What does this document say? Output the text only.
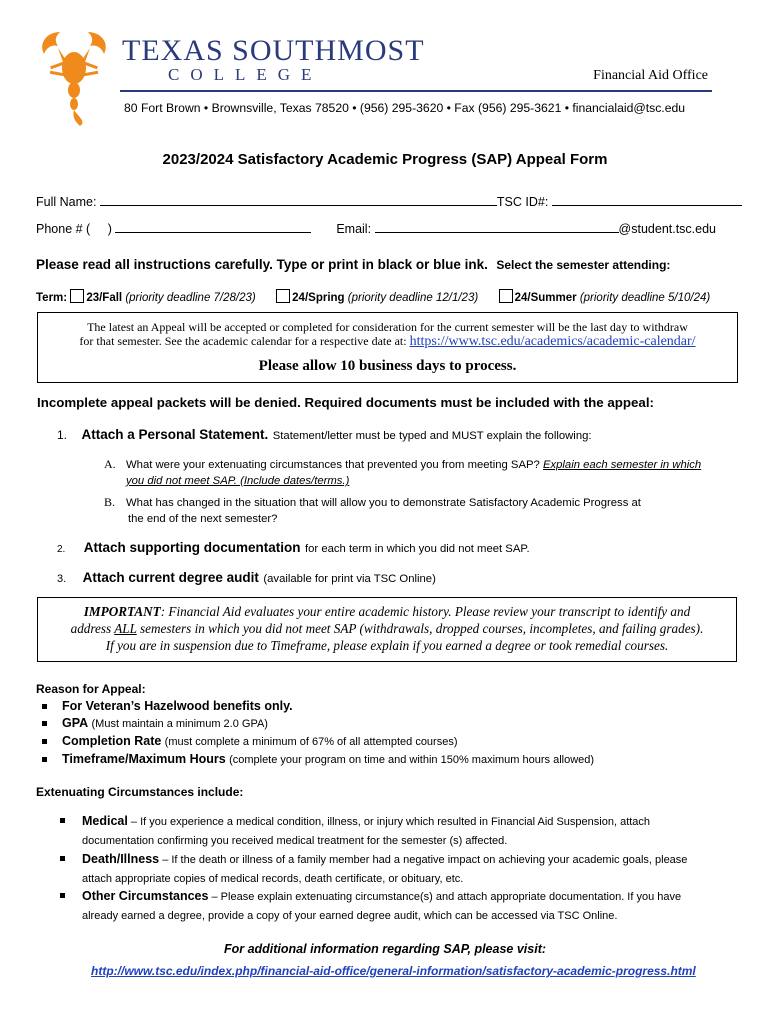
TEXAS SOUTHMOST
COLLEGE	Financial Aid Office
80 Fort Brown • Brownsville, Texas 78520 • (956) 295-3620 • Fax (956) 295-3621 • financialaid@tsc.edu
2023/2024 Satisfactory Academic Progress (SAP) Appeal Form
Full Name:	TSC ID#:
Phone # ( )	Email:	@student.tsc.edu
Please read all instructions carefully. Type or print in black or blue ink. Select the semester attending:
Term: 23/Fall (priority deadline 7/28/23)	24/Spring (priority deadline 12/1/23)	24/Summer (priority deadline 5/10/24)
The latest an Appeal will be accepted or completed for consideration for the current semester will be the last day to withdraw
for that semester. See the academic calendar for a respective date at: https://www.tsc.edu/academics/academic-calendar/
Please allow 10 business days to process.
Incomplete appeal packets will be denied. Required documents must be included with the appeal:
1. Attach a Personal Statement. Statement/letter must be typed and MUST explain the following:
A. What were your extenuating circumstances that prevented you from meeting SAP? Explain each semester in which
you did not meet SAP. (Include dates/terms.)
B. What has changed in the situation that will allow you to demonstrate Satisfactory Academic Progress at
the end of the next semester?
2. Attach supporting documentation for each term in which you did not meet SAP.
3. Attach current degree audit (available for print via TSC Online)
IMPORTANT: Financial Aid evaluates your entire academic history. Please review your transcript to identify and
address ALL semesters in which you did not meet SAP (withdrawals, dropped courses, incompletes, and failing grades).
If you are in suspension due to Timeframe, please explain if you earned a degree or took remedial courses.
Reason for Appeal:
For Veteran’s Hazelwood benefits only.
GPA (Must maintain a minimum 2.0 GPA)
Completion Rate (must complete a minimum of 67% of all attempted courses)
Timeframe/Maximum Hours (complete your program on time and within 150% maximum hours allowed)
Extenuating Circumstances include:
Medical – If you experience a medical condition, illness, or injury which resulted in Financial Aid Suspension, attach
documentation confirming you received medical treatment for the semester (s) affected.
Death/Illness – If the death or illness of a family member had a negative impact on achieving your academic goals, please
attach appropriate copies of medical records, death certificate, or obituary, etc.
Other Circumstances – Please explain extenuating circumstance(s) and attach appropriate documentation. If you have
already earned a degree, provide a copy of your earned degree audit, which can be accessed via TSC Online.
For additional information regarding SAP, please visit:
http://www.tsc.edu/index.php/financial-aid-office/general-information/satisfactory-academic-progress.html
